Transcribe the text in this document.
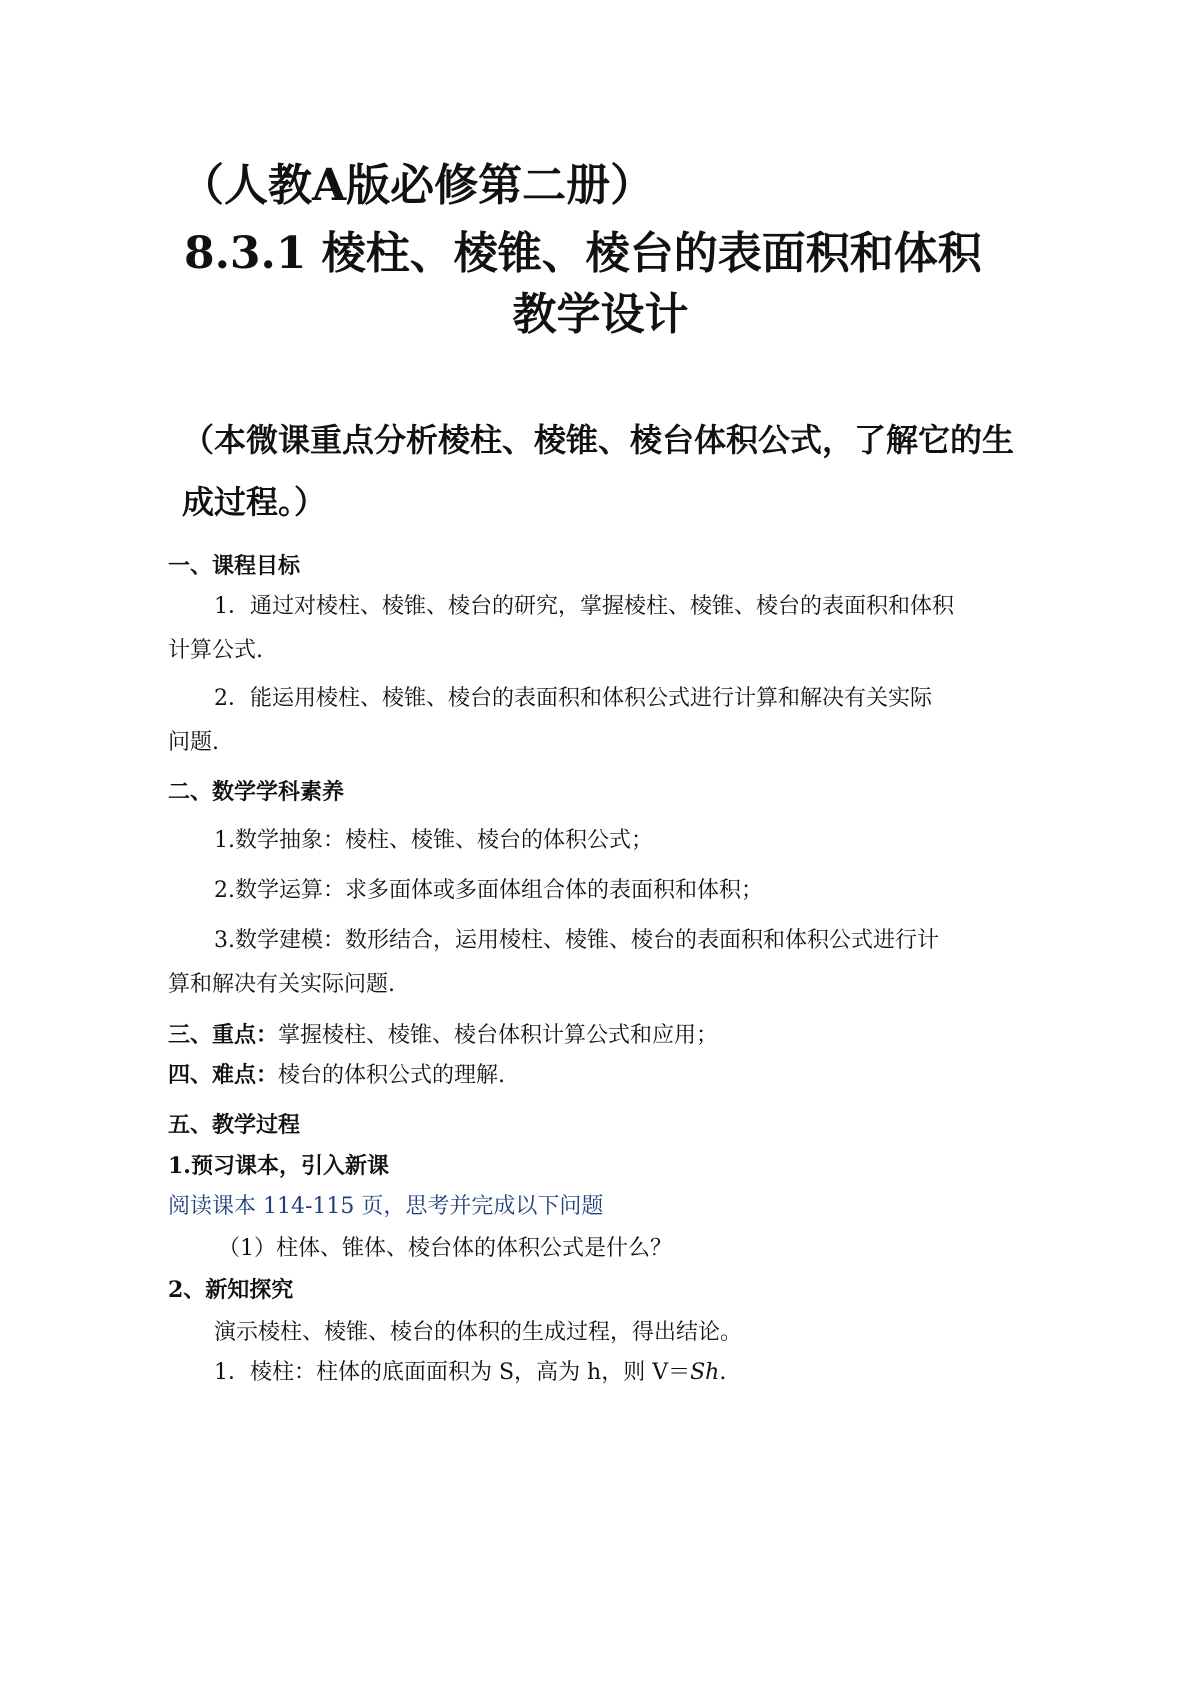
（人教A版必修第二册）
8.3.1 棱柱、棱锥、棱台的表面积和体积
教学设计
（本微课重点分析棱柱、棱锥、棱台体积公式，了解它的生
成过程。）
一、课程目标
1．通过对棱柱、棱锥、棱台的研究，掌握棱柱、棱锥、棱台的表面积和体积
计算公式.
2．能运用棱柱、棱锥、棱台的表面积和体积公式进行计算和解决有关实际
问题.
二、数学学科素养
1.数学抽象：棱柱、棱锥、棱台的体积公式；
2.数学运算：求多面体或多面体组合体的表面积和体积；
3.数学建模：数形结合，运用棱柱、棱锥、棱台的表面积和体积公式进行计
算和解决有关实际问题.
三、重点：掌握棱柱、棱锥、棱台体积计算公式和应用；
四、难点：棱台的体积公式的理解.
五、教学过程
1.预习课本，引入新课
阅读课本 114-115 页，思考并完成以下问题
（1）柱体、锥体、棱台体的体积公式是什么？
2、新知探究
演示棱柱、棱锥、棱台的体积的生成过程，得出结论。
1．棱柱：柱体的底面面积为 S，高为 h，则 V＝Sh.
